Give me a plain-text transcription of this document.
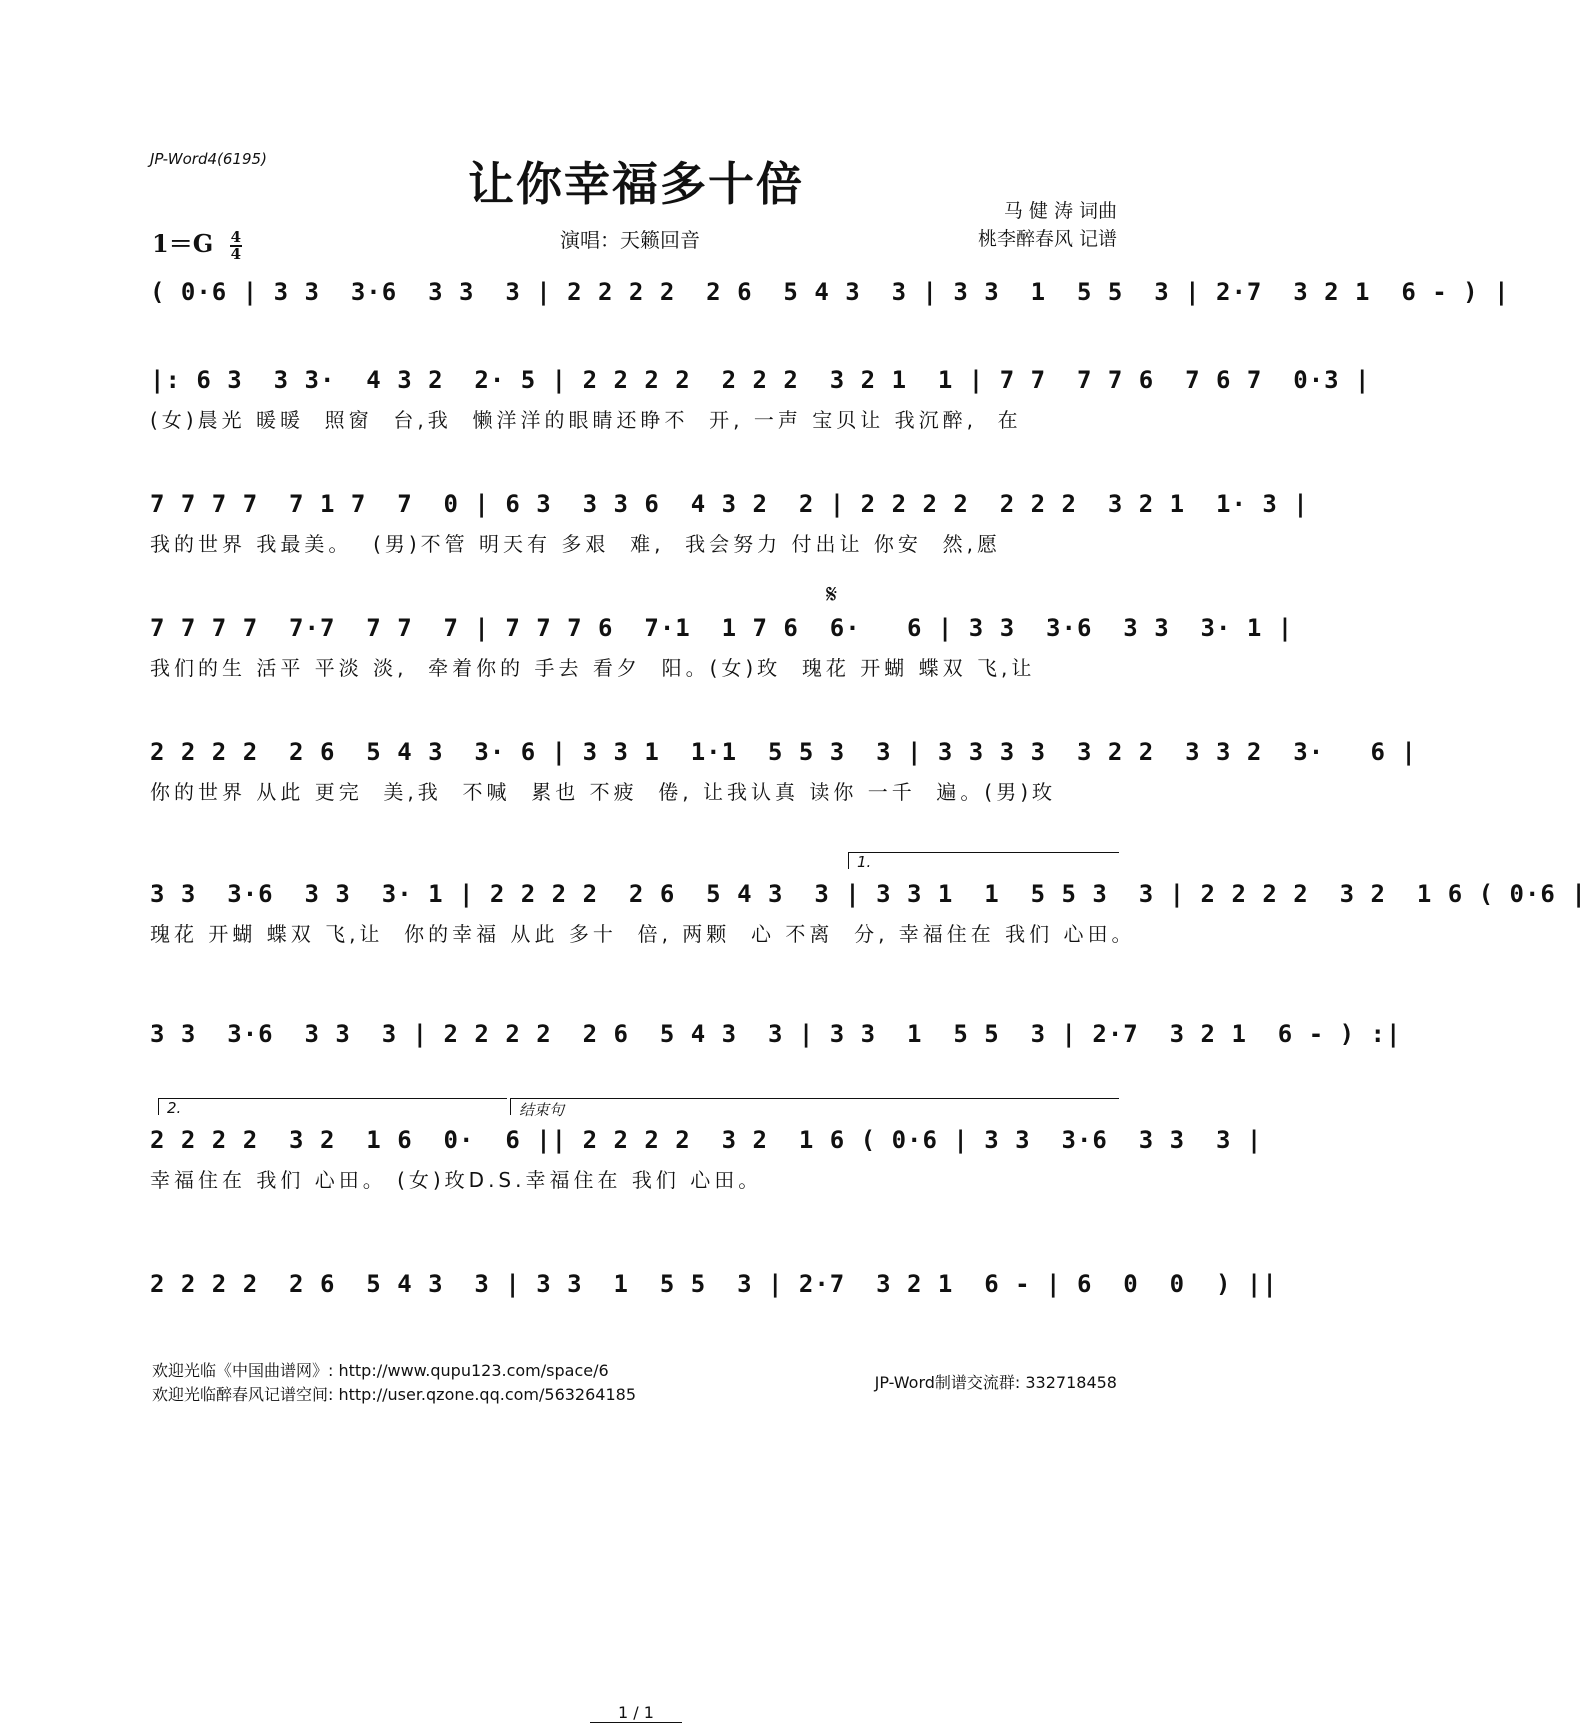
JP-Word4(6195)	让你幸福多十倍	马 健 涛 词曲
桃李醉春风 记谱
演唱：天籁回音
$1=G \frac{4}{4}$
𝄋
( 0·6 | 3 3  3·6  3 3  3 | 2 2 2 2  2 6  5 4 3  3 | 3 3  1  5 5  3 | 2·7  3 2 1  6 - ) |
|: 6 3  3 3·  4 3 2  2· 5 | 2 2 2 2  2 2 2  3 2 1  1 | 7 7  7 7 6  7 6 7  0·3 |
(女)晨光 暖暖  照窗  台,我  懒洋洋的眼睛还睁不  开, 一声 宝贝让 我沉醉,  在
7 7 7 7  7 1 7  7  0 | 6 3  3 3 6  4 3 2  2 | 2 2 2 2  2 2 2  3 2 1  1· 3 |
我的世界 我最美。  (男)不管 明天有 多艰  难,  我会努力 付出让 你安  然,愿
7 7 7 7  7·7  7 7  7 | 7 7 7 6  7·1  1 7 6  6·   6 | 3 3  3·6  3 3  3· 1 |
我们的生 活平 平淡 淡,  牵着你的 手去 看夕  阳。(女)玫  瑰花 开蝴 蝶双 飞,让
2 2 2 2  2 6  5 4 3  3· 6 | 3 3 1  1·1  5 5 3  3 | 3 3 3 3  3 2 2  3 3 2  3·   6 |
你的世界 从此 更完  美,我  不喊  累也 不疲  倦, 让我认真 读你 一千  遍。(男)玫
1.
3 3  3·6  3 3  3· 1 | 2 2 2 2  2 6  5 4 3  3 | 3 3 1  1  5 5 3  3 | 2 2 2 2  3 2  1 6 ( 0·6 |
瑰花 开蝴 蝶双 飞,让  你的幸福 从此 多十  倍, 两颗  心 不离  分, 幸福住在 我们 心田。
3 3  3·6  3 3  3 | 2 2 2 2  2 6  5 4 3  3 | 3 3  1  5 5  3 | 2·7  3 2 1  6 - ) :|
2.	结束句
2 2 2 2  3 2  1 6  0·  6 || 2 2 2 2  3 2  1 6 ( 0·6 | 3 3  3·6  3 3  3 |
幸福住在 我们 心田。 (女)玫D.S.幸福住在 我们 心田。
2 2 2 2  2 6  5 4 3  3 | 3 3  1  5 5  3 | 2·7  3 2 1  6 - | 6  0  0  ) ||
欢迎光临《中国曲谱网》: http://www.qupu123.com/space/6
欢迎光临醉春风记谱空间: http://user.qzone.qq.com/563264185
JP-Word制谱交流群: 332718458
1 / 1
